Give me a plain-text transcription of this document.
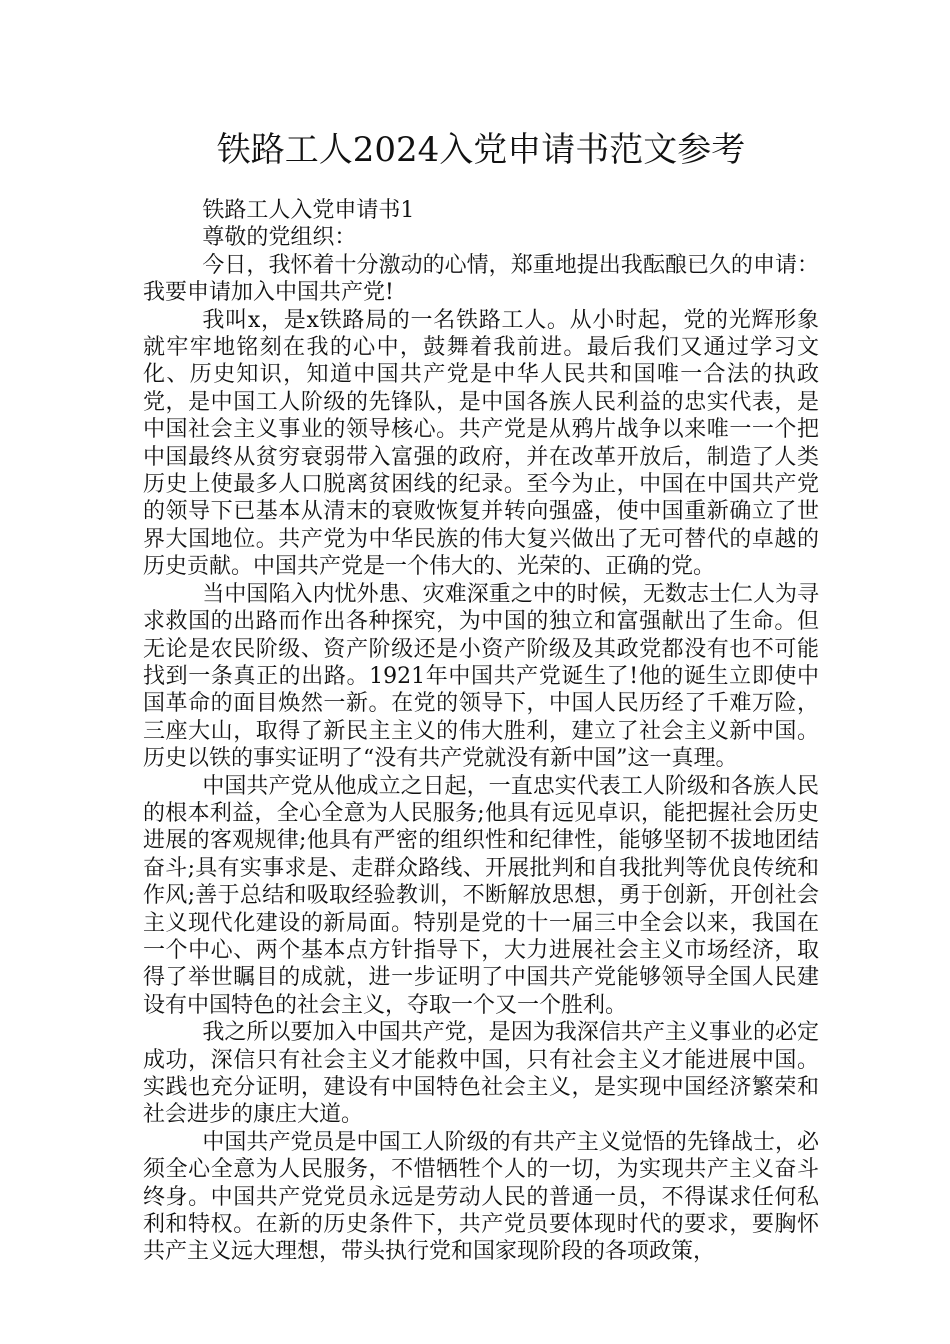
铁路工人2024入党申请书范文参考

铁路工人入党申请书1

尊敬的党组织：

今日，我怀着十分激动的心情，郑重地提出我酝酿已久的申请：我要申请加入中国共产党!

我叫x，是x铁路局的一名铁路工人。从小时起，党的光辉形象就牢牢地铭刻在我的心中，鼓舞着我前进。最后我们又通过学习文化、历史知识，知道中国共产党是中华人民共和国唯一合法的执政党，是中国工人阶级的先锋队，是中国各族人民利益的忠实代表，是中国社会主义事业的领导核心。共产党是从鸦片战争以来唯一一个把中国最终从贫穷衰弱带入富强的政府，并在改革开放后，制造了人类历史上使最多人口脱离贫困线的纪录。至今为止，中国在中国共产党的领导下已基本从清末的衰败恢复并转向强盛，使中国重新确立了世界大国地位。共产党为中华民族的伟大复兴做出了无可替代的卓越的历史贡献。中国共产党是一个伟大的、光荣的、正确的党。

当中国陷入内忧外患、灾难深重之中的时候，无数志士仁人为寻求救国的出路而作出各种探究，为中国的独立和富强献出了生命。但无论是农民阶级、资产阶级还是小资产阶级及其政党都没有也不可能找到一条真正的出路。1921年中国共产党诞生了!他的诞生立即使中国革命的面目焕然一新。在党的领导下，中国人民历经了千难万险，三座大山，取得了新民主主义的伟大胜利，建立了社会主义新中国。历史以铁的事实证明了“没有共产党就没有新中国”这一真理。

中国共产党从他成立之日起，一直忠实代表工人阶级和各族人民的根本利益，全心全意为人民服务;他具有远见卓识，能把握社会历史进展的客观规律;他具有严密的组织性和纪律性，能够坚韧不拔地团结奋斗;具有实事求是、走群众路线、开展批判和自我批判等优良传统和作风;善于总结和吸取经验教训，不断解放思想，勇于创新，开创社会主义现代化建设的新局面。特别是党的十一届三中全会以来，我国在一个中心、两个基本点方针指导下，大力进展社会主义市场经济，取得了举世瞩目的成就，进一步证明了中国共产党能够领导全国人民建设有中国特色的社会主义，夺取一个又一个胜利。

我之所以要加入中国共产党，是因为我深信共产主义事业的必定成功，深信只有社会主义才能救中国，只有社会主义才能进展中国。实践也充分证明，建设有中国特色社会主义，是实现中国经济繁荣和社会进步的康庄大道。

中国共产党员是中国工人阶级的有共产主义觉悟的先锋战士，必须全心全意为人民服务，不惜牺牲个人的一切，为实现共产主义奋斗终身。中国共产党党员永远是劳动人民的普通一员，不得谋求任何私利和特权。在新的历史条件下，共产党员要体现时代的要求，要胸怀共产主义远大理想，带头执行党和国家现阶段的各项政策，
